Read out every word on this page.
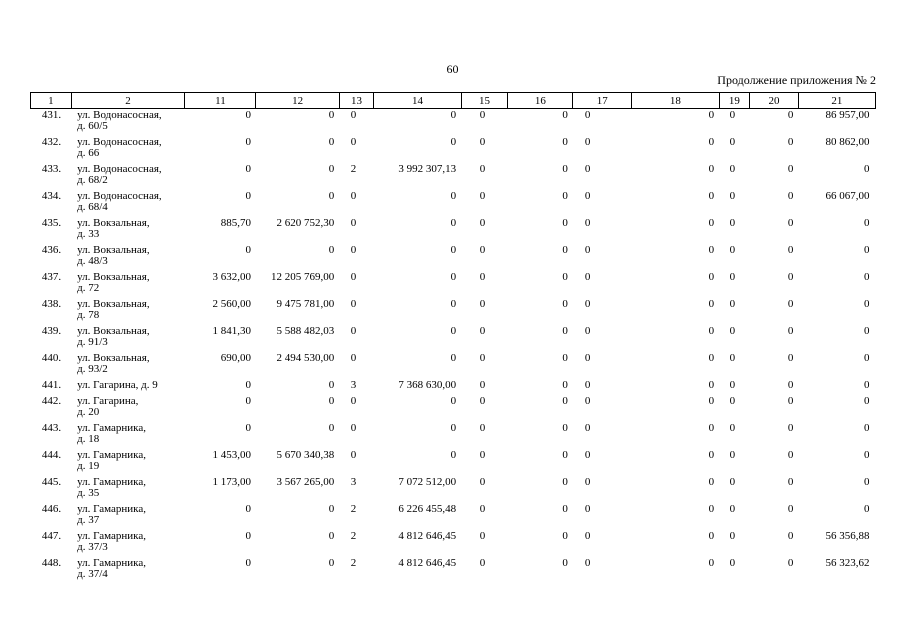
60
Продолжение приложения № 2
1	2	11	12	13	14	15	16	17	18	19	20	21
431.	ул. Водонасосная,
д. 60/5	0	0	0	0	0	0	0	0	0	0	86 957,00
432.	ул. Водонасосная,
д. 66	0	0	0	0	0	0	0	0	0	0	80 862,00
433.	ул. Водонасосная,
д. 68/2	0	0	2	3 992 307,13	0	0	0	0	0	0	0
434.	ул. Водонасосная,
д. 68/4	0	0	0	0	0	0	0	0	0	0	66 067,00
435.	ул. Вокзальная,
д. 33	885,70	2 620 752,30	0	0	0	0	0	0	0	0	0
436.	ул. Вокзальная,
д. 48/3	0	0	0	0	0	0	0	0	0	0	0
437.	ул. Вокзальная,
д. 72	3 632,00	12 205 769,00	0	0	0	0	0	0	0	0	0
438.	ул. Вокзальная,
д. 78	2 560,00	9 475 781,00	0	0	0	0	0	0	0	0	0
439.	ул. Вокзальная,
д. 91/3	1 841,30	5 588 482,03	0	0	0	0	0	0	0	0	0
440.	ул. Вокзальная,
д. 93/2	690,00	2 494 530,00	0	0	0	0	0	0	0	0	0
441.	ул. Гагарина, д. 9	0	0	3	7 368 630,00	0	0	0	0	0	0	0
442.	ул. Гагарина,
д. 20	0	0	0	0	0	0	0	0	0	0	0
443.	ул. Гамарника,
д. 18	0	0	0	0	0	0	0	0	0	0	0
444.	ул. Гамарника,
д. 19	1 453,00	5 670 340,38	0	0	0	0	0	0	0	0	0
445.	ул. Гамарника,
д. 35	1 173,00	3 567 265,00	3	7 072 512,00	0	0	0	0	0	0	0
446.	ул. Гамарника,
д. 37	0	0	2	6 226 455,48	0	0	0	0	0	0	0
447.	ул. Гамарника,
д. 37/3	0	0	2	4 812 646,45	0	0	0	0	0	0	56 356,88
448.	ул. Гамарника,
д. 37/4	0	0	2	4 812 646,45	0	0	0	0	0	0	56 323,62
